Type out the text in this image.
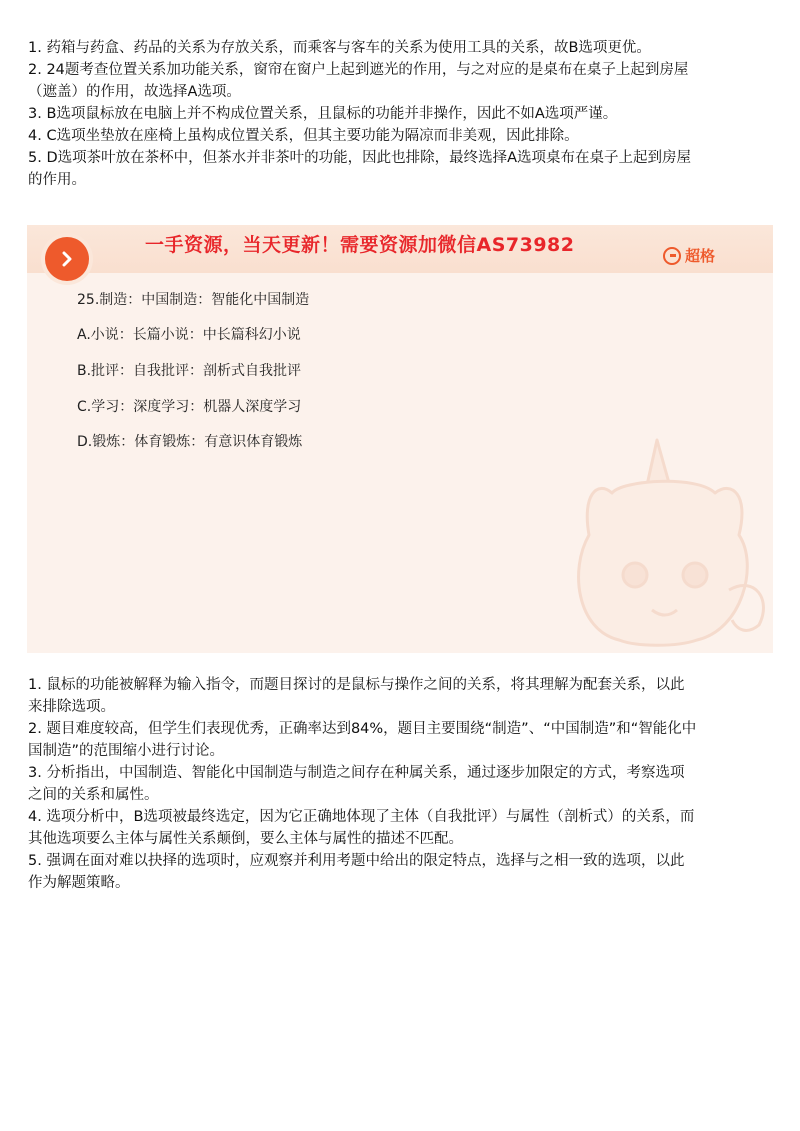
1. 药箱与药盒、药品的关系为存放关系，而乘客与客车的关系为使用工具的关系，故B选项更优。
2. 24题考查位置关系加功能关系，窗帘在窗户上起到遮光的作用，与之对应的是桌布在桌子上起到房屋
（遮盖）的作用，故选择A选项。
3. B选项鼠标放在电脑上并不构成位置关系，且鼠标的功能并非操作，因此不如A选项严谨。
4. C选项坐垫放在座椅上虽构成位置关系，但其主要功能为隔凉而非美观，因此排除。
5. D选项茶叶放在茶杯中，但茶水并非茶叶的功能，因此也排除，最终选择A选项桌布在桌子上起到房屋
的作用。
一手资源，当天更新！需要资源加微信AS73982	超格
25.制造：中国制造：智能化中国制造
A.小说：长篇小说：中长篇科幻小说
B.批评：自我批评：剖析式自我批评
C.学习：深度学习：机器人深度学习
D.锻炼：体育锻炼：有意识体育锻炼
1. 鼠标的功能被解释为输入指令，而题目探讨的是鼠标与操作之间的关系，将其理解为配套关系，以此
来排除选项。
2. 题目难度较高，但学生们表现优秀，正确率达到84%，题目主要围绕“制造”、“中国制造”和“智能化中
国制造”的范围缩小进行讨论。
3. 分析指出，中国制造、智能化中国制造与制造之间存在种属关系，通过逐步加限定的方式，考察选项
之间的关系和属性。
4. 选项分析中，B选项被最终选定，因为它正确地体现了主体（自我批评）与属性（剖析式）的关系，而
其他选项要么主体与属性关系颠倒，要么主体与属性的描述不匹配。
5. 强调在面对难以抉择的选项时，应观察并利用考题中给出的限定特点，选择与之相一致的选项，以此
作为解题策略。
